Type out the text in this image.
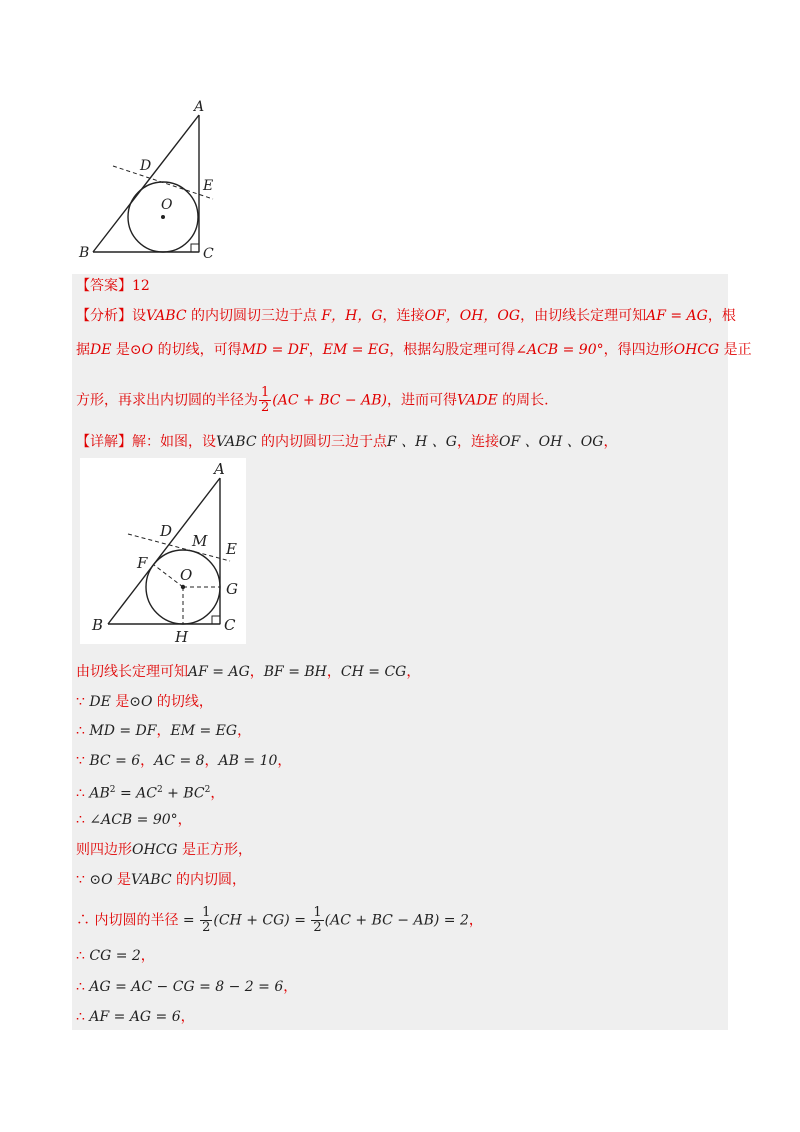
A
B	C
D
E
O
【答案】12
【分析】设VABC 的内切圆切三边于点 F，H，G，连接OF，OH，OG，由切线长定理可知AF = AG，根
据DE 是⊙O 的切线，可得MD = DF，EM = EG，根据勾股定理可得∠ACB = 90°，得四边形OHCG 是正
方形，再求出内切圆的半径为 $\frac{1}{2} (AC$ + BC − AB)，进而可得VADE 的周长.
【详解】解：如图，设VABC 的内切圆切三边于点F 、H 、G，连接OF 、OH 、OG，
A
B	C
D
E
F
G
H
M
O
由切线长定理可知AF = AG，BF = BH，CH = CG，
∵ DE 是⊙O 的切线，
∴ MD = DF，EM = EG，
∵ BC = 6，AC = 8，AB = 10，
∴ $AB^2 = AC^2 + BC^2$，
∴ ∠ACB = 90°，
则四边形OHCG 是正方形，
∵ ⊙O 是VABC 的内切圆，
∴ 内切圆的半径 = $\frac{1}{2} (CH + CG) = \frac{1}{2} (AC$ + BC − AB) = 2，
∴ CG = 2，
∴ AG = AC − CG = 8 − 2 = 6，
∴ AF = AG = 6，
